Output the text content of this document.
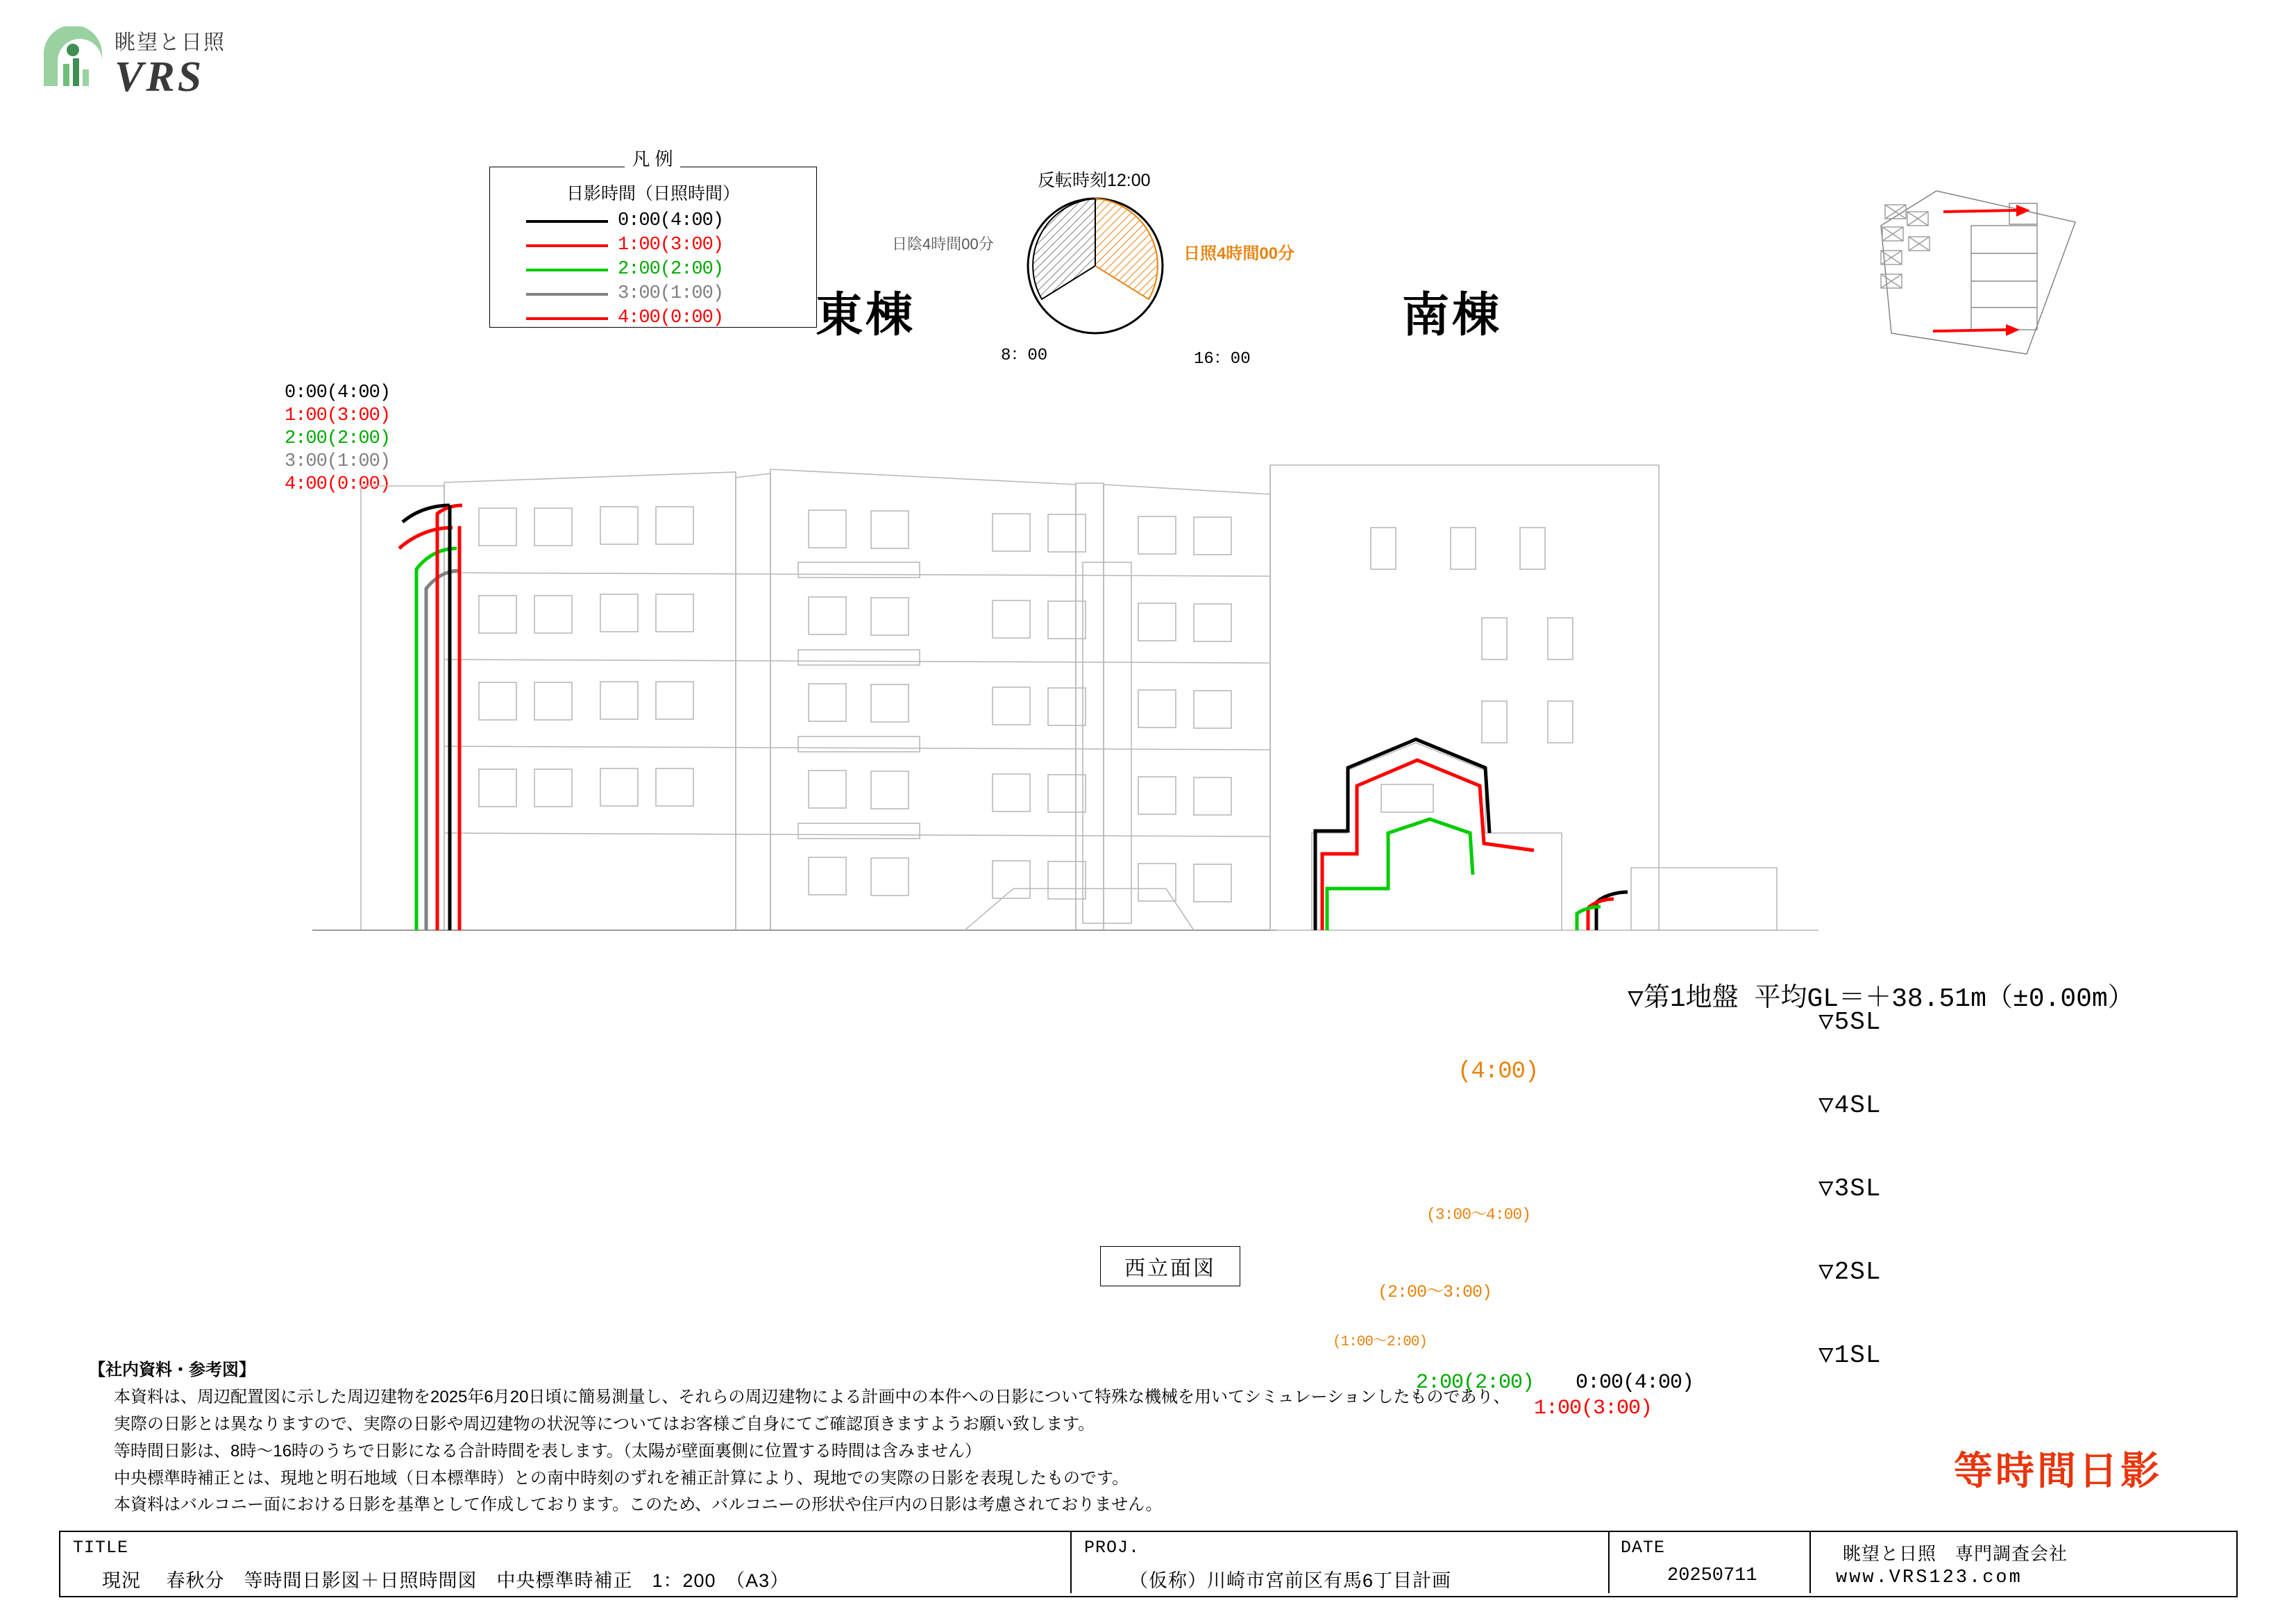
眺望と日照
VRS
凡 例
日影時間（日照時間）
0:00(4:00)
1:00(3:00)
2:00(2:00)
3:00(1:00)
4:00(0:00)
0:00(4:00)
1:00(3:00)
2:00(2:00)
3:00(1:00)
4:00(0:00)
反転時刻12:00
日陰4時間00分
日照4時間00分
8：00	16：00
東棟	南棟
(4:00)
(3:00～4:00)
(2:00～3:00)
(1:00～2:00)
2:00(2:00)
1:00(3:00)
0:00(4:00)
▽5SL
▽4SL
▽3SL
▽2SL
▽1SL
▽第1地盤 平均GL＝＋38.51m（±0.00m）
西立面図
【社内資料・参考図】
本資料は、周辺配置図に示した周辺建物を2025年6月20日頃に簡易測量し、それらの周辺建物による計画中の本件への日影について特殊な機械を用いてシミュレーションしたものであり、
実際の日影とは異なりますので、実際の日影や周辺建物の状況等についてはお客様ご自身にてご確認頂きますようお願い致します。
等時間日影は、8時～16時のうちで日影になる合計時間を表します。（太陽が壁面裏側に位置する時間は含みません）
中央標準時補正とは、現地と明石地域（日本標準時）との南中時刻のずれを補正計算により、現地での実際の日影を表現したものです。
本資料はバルコニー面における日影を基準として作成しております。このため、バルコニーの形状や住戸内の日影は考慮されておりません。
等時間日影
TITLE
現況　 春秋分　等時間日影図＋日照時間図　中央標準時補正　1：200　（A3）
PROJ.
（仮称）川崎市宮前区有馬6丁目計画
DATE
20250711
眺望と日照　専門調査会社
www.VRS123.com
